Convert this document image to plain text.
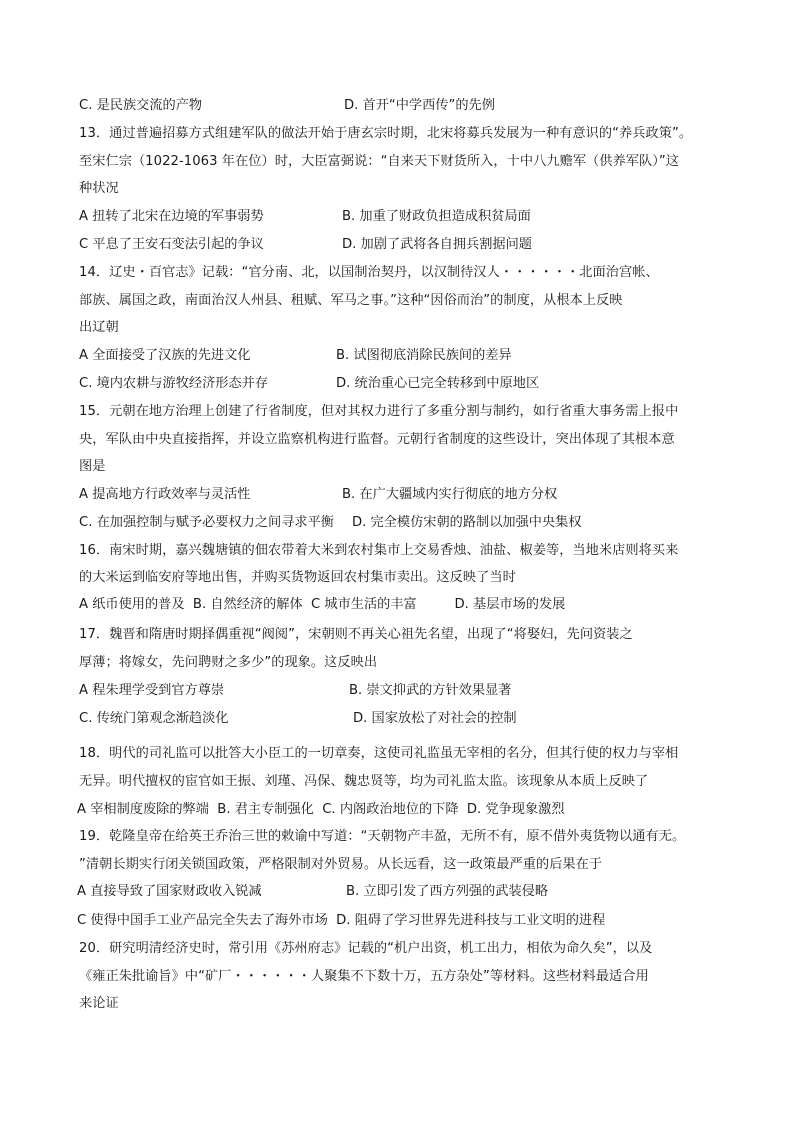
C. 是民族交流的产物	D. 首开“中学西传”的先例
13．通过普遍招募方式组建军队的做法开始于唐玄宗时期，北宋将募兵发展为一种有意识的“养兵政策”。
至宋仁宗（1022-1063 年在位）时，大臣富弼说：“自来天下财货所入，十中八九赡军（供养军队）”这
种状况
A 扭转了北宋在边境的军事弱势	B. 加重了财政负担造成积贫局面
C 平息了王安石变法引起的争议	D. 加剧了武将各自拥兵割据问题
14．辽史・百官志》记载：“官分南、北，以国制治契丹，以汉制待汉人・・・・・・北面治宫帐、
部族、属国之政，南面治汉人州县、租赋、军马之事。”这种“因俗而治”的制度，从根本上反映
出辽朝
A 全面接受了汉族的先进文化	B. 试图彻底消除民族间的差异
C. 境内农耕与游牧经济形态并存	D. 统治重心已完全转移到中原地区
15．元朝在地方治理上创建了行省制度，但对其权力进行了多重分割与制约，如行省重大事务需上报中
央，军队由中央直接指挥，并设立监察机构进行监督。元朝行省制度的这些设计，突出体现了其根本意
图是
A 提高地方行政效率与灵活性	B. 在广大疆域内实行彻底的地方分权
C. 在加强控制与赋予必要权力之间寻求平衡 D. 完全模仿宋朝的路制以加强中央集权
16．南宋时期，嘉兴魏塘镇的佃农带着大米到农村集市上交易香烛、油盐、椒姜等，当地米店则将买来
的大米运到临安府等地出售，并购买货物返回农村集市卖出。这反映了当时
A 纸币使用的普及  B. 自然经济的解体  C 城市生活的丰富         D. 基层市场的发展
17．魏晋和隋唐时期择偶重视“阀阅”，宋朝则不再关心祖先名望，出现了“将娶妇，先问资装之
厚薄；将嫁女，先问聘财之多少”的现象。这反映出
A 程朱理学受到官方尊崇	B. 崇文抑武的方针效果显著
C. 传统门第观念渐趋淡化	D. 国家放松了对社会的控制
18．明代的司礼监可以批答大小臣工的一切章奏，这使司礼监虽无宰相的名分，但其行使的权力与宰相
无异。明代擅权的宦官如王振、刘瑾、冯保、魏忠贤等，均为司礼监太监。该现象从本质上反映了
A 宰相制度废除的弊端  B. 君主专制强化  C. 内阁政治地位的下降  D. 党争现象激烈
19．乾隆皇帝在给英王乔治三世的敕谕中写道：“天朝物产丰盈，无所不有，原不借外夷货物以通有无。
”清朝长期实行闭关锁国政策，严格限制对外贸易。从长远看，这一政策最严重的后果在于
A 直接导致了国家财政收入锐减	B. 立即引发了西方列强的武装侵略
C 使得中国手工业产品完全失去了海外市场  D. 阻碍了学习世界先进科技与工业文明的进程
20．研究明清经济史时，常引用《苏州府志》记载的“机户出资，机工出力，相依为命久矣”，以及
《雍正朱批谕旨》中“矿厂・・・・・・人聚集不下数十万，五方杂处”等材料。这些材料最适合用
来论证
